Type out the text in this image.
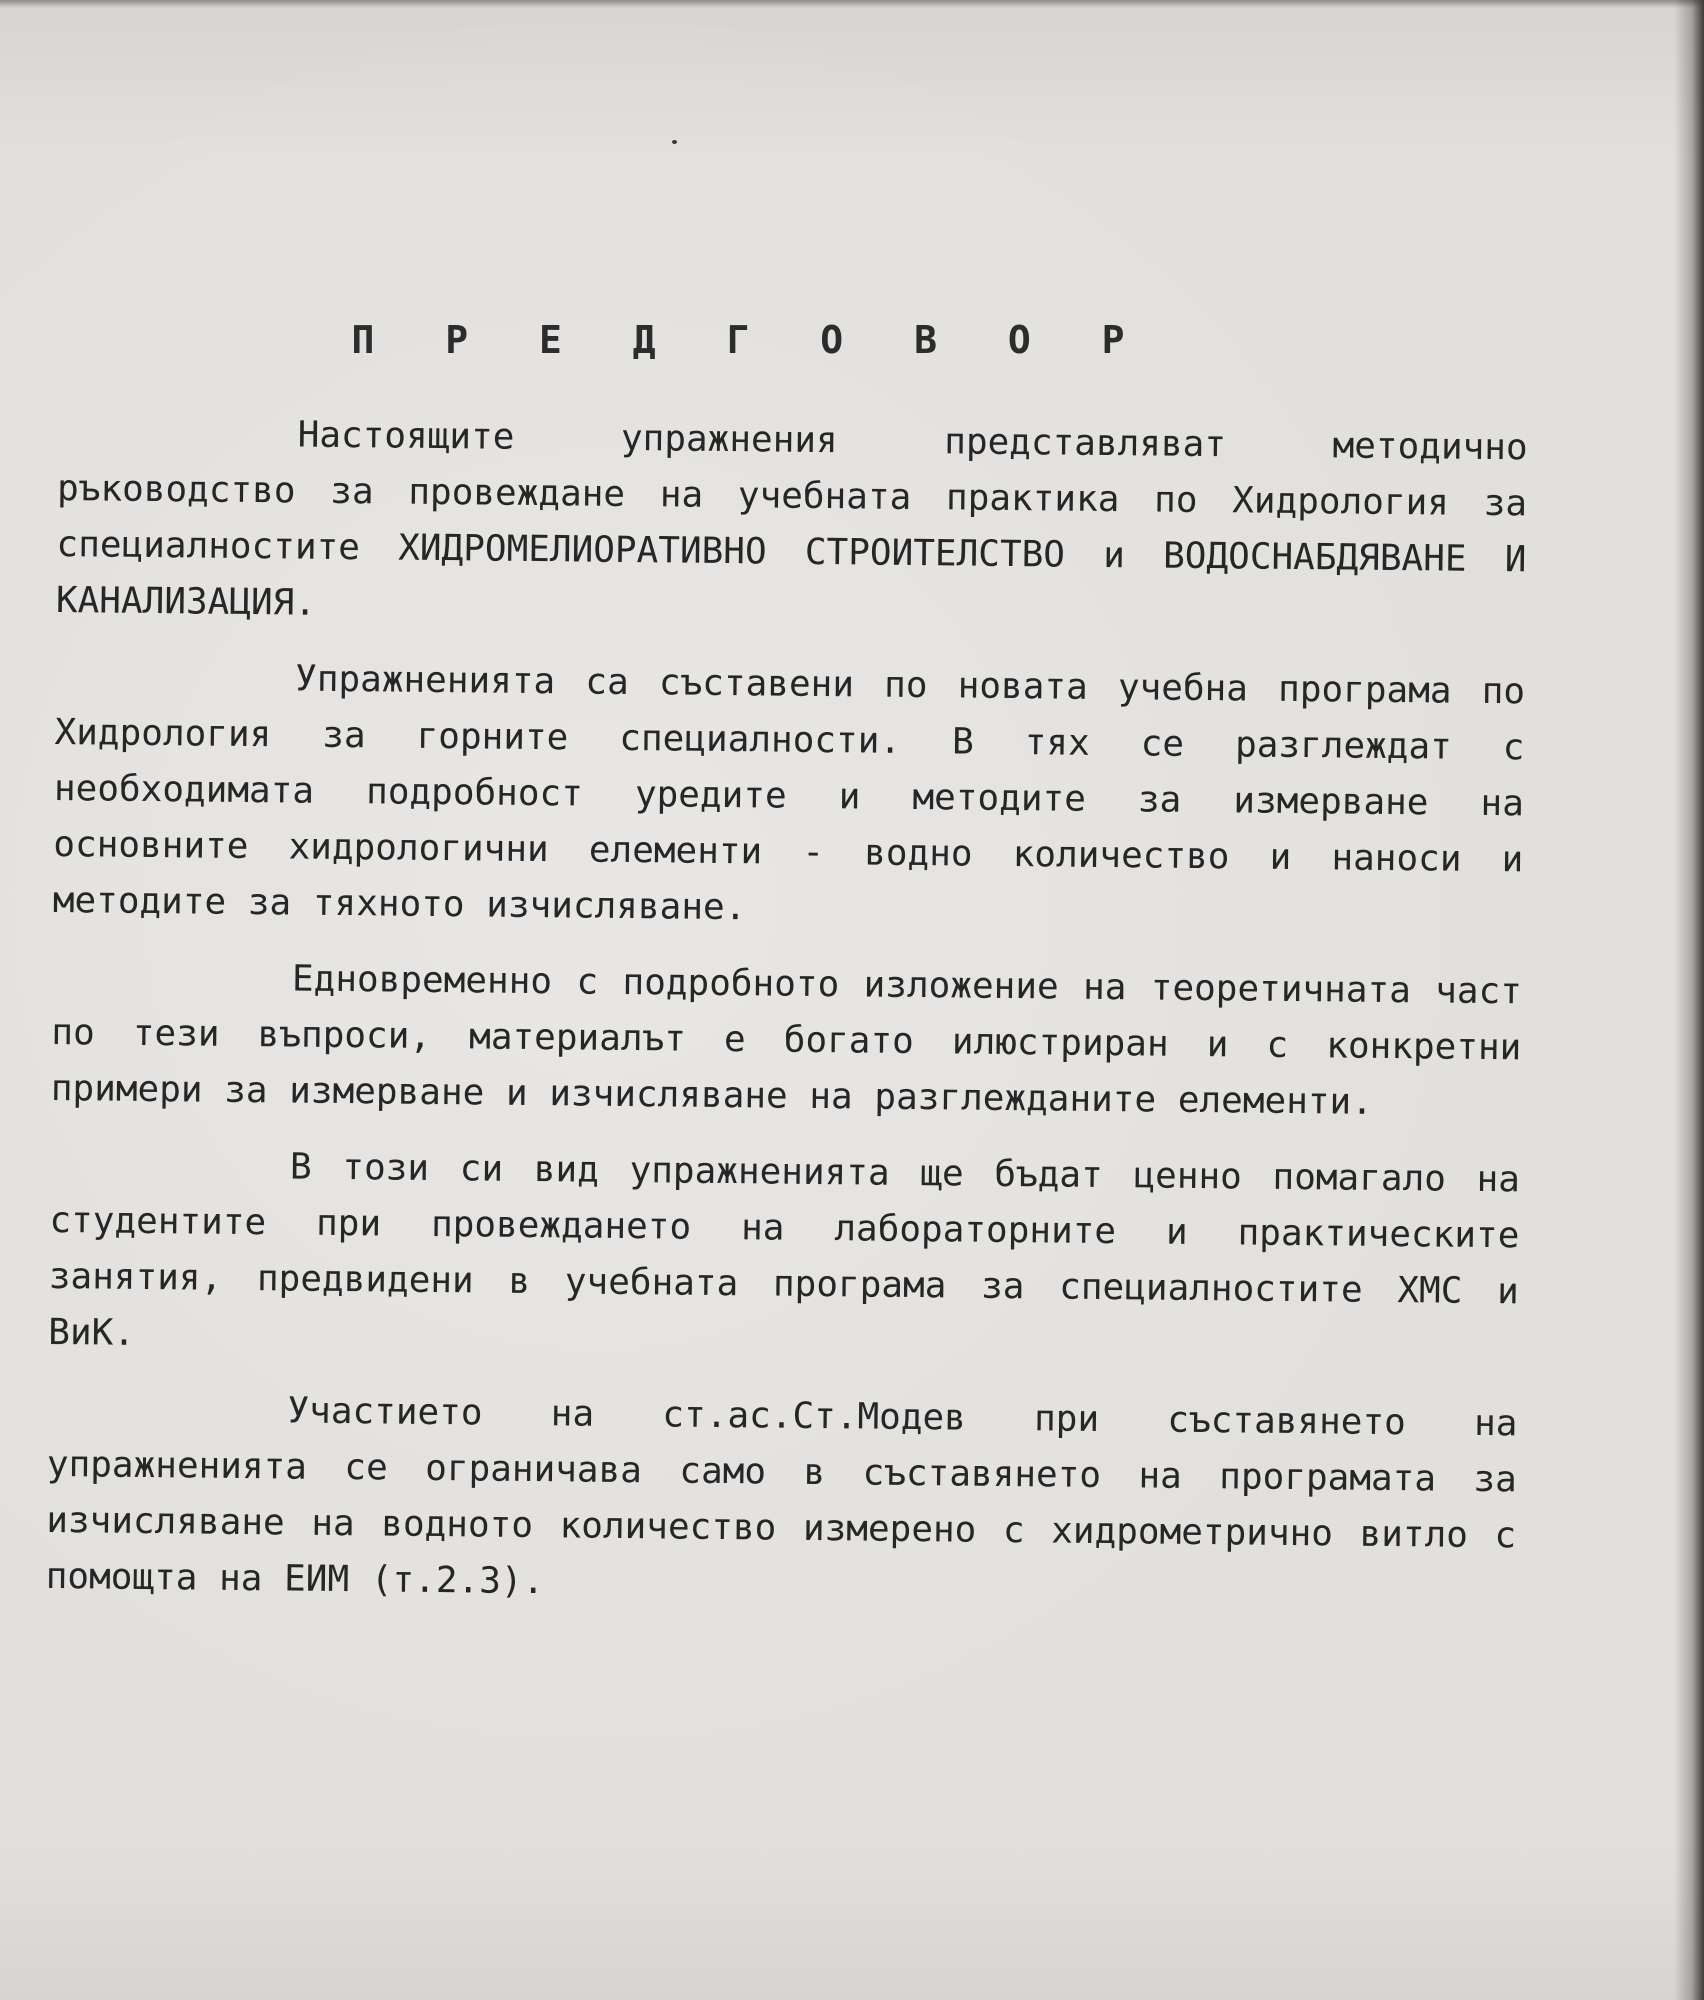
П Р Е Д Г О В О Р

Настоящите упражнения представляват методично ръководство за провеждане на учебната практика по Хидрология за специалностите ХИДРОМЕЛИОРАТИВНО СТРОИТЕЛСТВО и ВОДОСНАБДЯВАНЕ И КАНАЛИЗАЦИЯ.

Упражненията са съставени по новата учебна програма по Хидрология за горните специалности. В тях се разглеждат с необходимата подробност уредите и методите за измерване на основните хидрологични елементи - водно количество и наноси и методите за тяхното изчисляване.

Едновременно с подробното изложение на теоретичната част по тези въпроси, материалът е богато илюстриран и с конкретни примери за измерване и изчисляване на разглежданите елементи.

В този си вид упражненията ще бъдат ценно помагало на студентите при провеждането на лабораторните и практическите занятия, предвидени в учебната програма за специалностите ХМС и ВиК.

Участието на ст.ас.Ст.Модев при съставянето на упражненията се ограничава само в съставянето на програмата за изчисляване на водното количество измерено с хидрометрично витло с помощта на ЕИМ (т.2.3).
